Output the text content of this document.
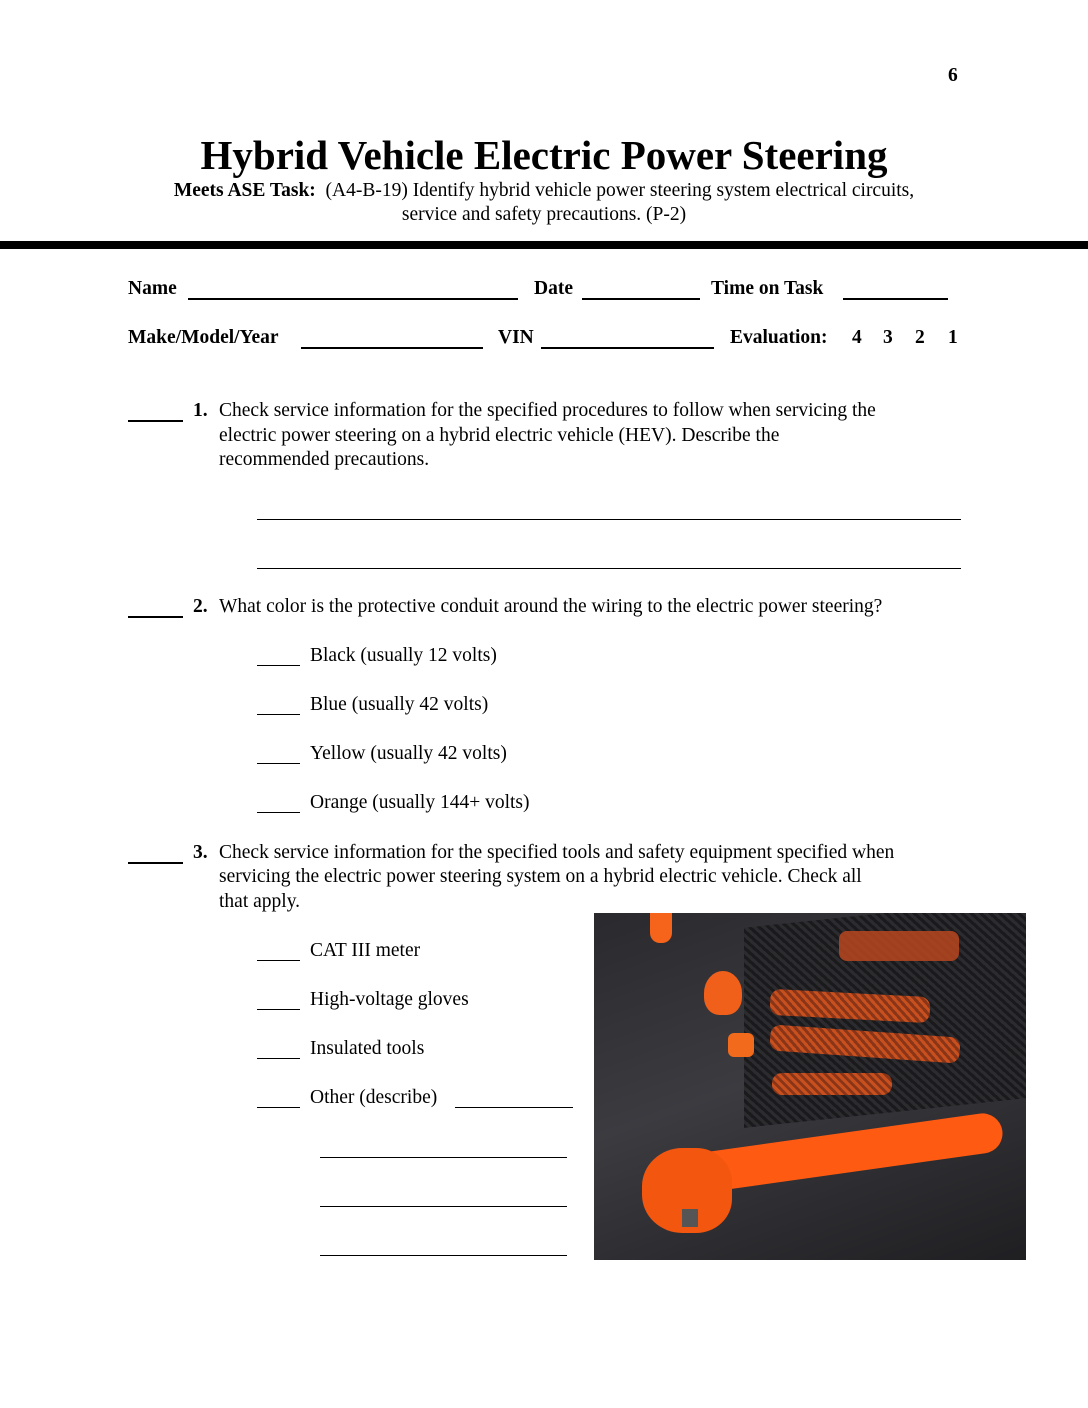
6
Hybrid Vehicle Electric Power Steering
Meets ASE Task: (A4-B-19) Identify hybrid vehicle power steering system electrical circuits,
service and safety precautions. (P-2)
Name	Date	Time on Task
Make/Model/Year	VIN	Evaluation: 4 3 2 1
1. Check service information for the specified procedures to follow when servicing the
electric power steering on a hybrid electric vehicle (HEV). Describe the
recommended precautions.
2. What color is the protective conduit around the wiring to the electric power steering?
Black (usually 12 volts)
Blue (usually 42 volts)
Yellow (usually 42 volts)
Orange (usually 144+ volts)
3. Check service information for the specified tools and safety equipment specified when
servicing the electric power steering system on a hybrid electric vehicle. Check all
that apply.
CAT III meter
High-voltage gloves
Insulated tools
Other (describe)
